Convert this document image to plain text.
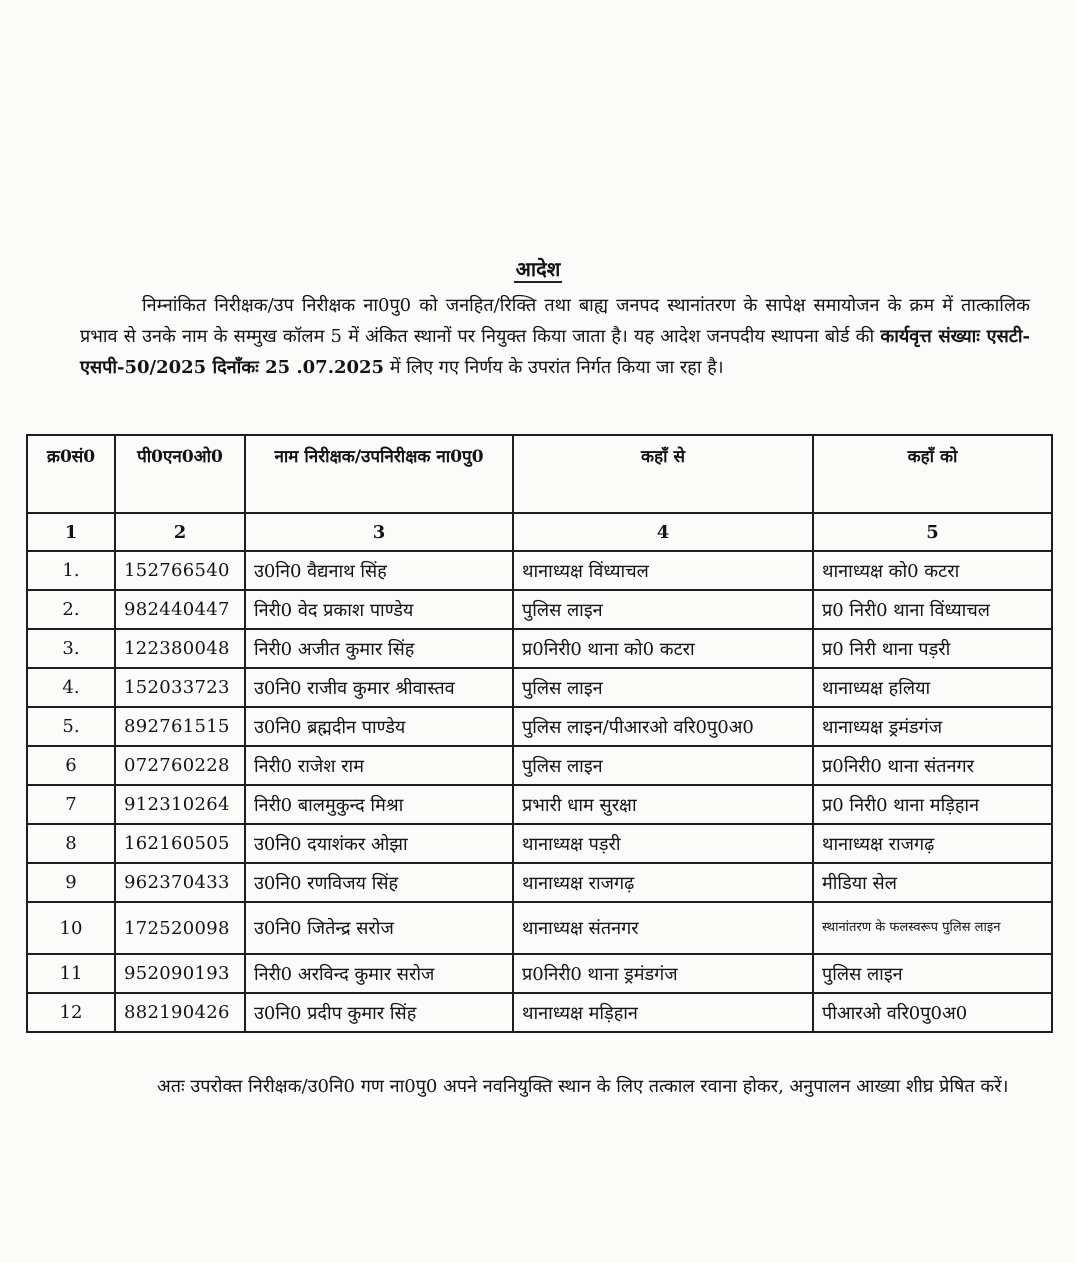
आदेश
निम्नांकित निरीक्षक/उप निरीक्षक ना0पु0 को जनहित/रिक्ति तथा बाह्य जनपद स्थानांतरण के सापेक्ष समायोजन के क्रम में तात्कालिक प्रभाव से उनके नाम के सम्मुख कॉलम 5 में अंकित स्थानों पर नियुक्त किया जाता है। यह आदेश जनपदीय स्थापना बोर्ड की कार्यवृत्त संख्याः एसटी-एसपी-50/2025 दिनाँकः 25 .07.2025 में लिए गए निर्णय के उपरांत निर्गत किया जा रहा है।
क्र0सं0	पी0एन0ओ0	नाम निरीक्षक/उपनिरीक्षक ना0पु0	कहाँ से	कहाँ को
1	2	3	4	5
1.	152766540	उ0नि0 वैद्यनाथ सिंह	थानाध्यक्ष विंध्याचल	थानाध्यक्ष को0 कटरा
2.	982440447	निरी0 वेद प्रकाश पाण्डेय	पुलिस लाइन	प्र0 निरी0 थाना विंध्याचल
3.	122380048	निरी0 अजीत कुमार सिंह	प्र0निरी0 थाना को0 कटरा	प्र0 निरी थाना पड़री
4.	152033723	उ0नि0 राजीव कुमार श्रीवास्तव	पुलिस लाइन	थानाध्यक्ष हलिया
5.	892761515	उ0नि0 ब्रह्मदीन पाण्डेय	पुलिस लाइन/पीआरओ वरि0पु0अ0	थानाध्यक्ष ड्रमंडगंज
6	072760228	निरी0 राजेश राम	पुलिस लाइन	प्र0निरी0 थाना संतनगर
7	912310264	निरी0 बालमुकुन्द मिश्रा	प्रभारी धाम सुरक्षा	प्र0 निरी0 थाना मड़िहान
8	162160505	उ0नि0 दयाशंकर ओझा	थानाध्यक्ष पड़री	थानाध्यक्ष राजगढ़
9	962370433	उ0नि0 रणविजय सिंह	थानाध्यक्ष राजगढ़	मीडिया सेल
10	172520098	उ0नि0 जितेन्द्र सरोज	थानाध्यक्ष संतनगर	स्थानांतरण के फलस्वरूप पुलिस लाइन
11	952090193	निरी0 अरविन्द कुमार सरोज	प्र0निरी0 थाना ड्रमंडगंज	पुलिस लाइन
12	882190426	उ0नि0 प्रदीप कुमार सिंह	थानाध्यक्ष मड़िहान	पीआरओ वरि0पु0अ0
अतः उपरोक्त निरीक्षक/उ0नि0 गण ना0पु0 अपने नवनियुक्ति स्थान के लिए तत्काल रवाना होकर, अनुपालन आख्या शीघ्र प्रेषित करें।
